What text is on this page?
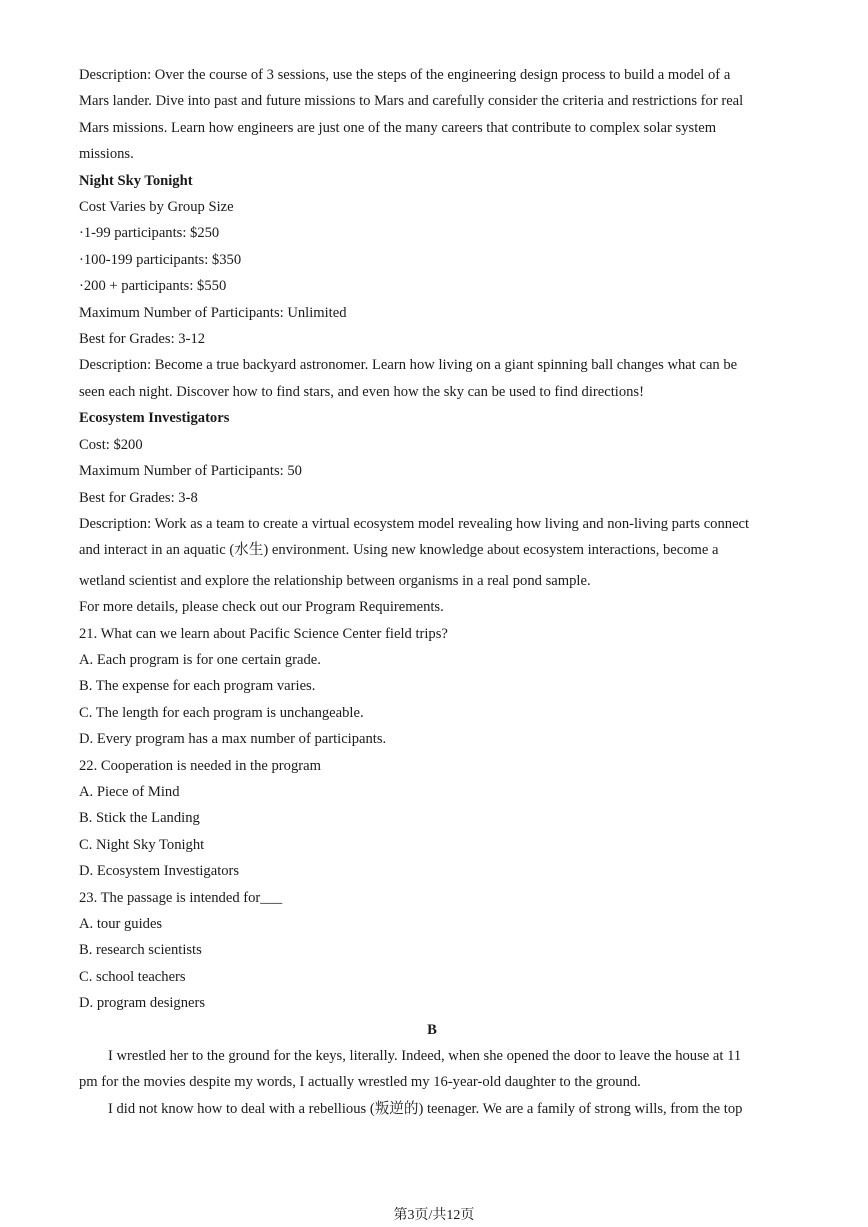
Description: Over the course of 3 sessions, use the steps of the engineering design process to build a model of a

Mars lander. Dive into past and future missions to Mars and carefully consider the criteria and restrictions for real

Mars missions. Learn how engineers are just one of the many careers that contribute to complex solar system

missions.

Night Sky Tonight

Cost Varies by Group Size

·1-99 participants: $250

·100-199 participants: $350

·200 + participants: $550

Maximum Number of Participants: Unlimited

Best for Grades: 3-12

Description: Become a true backyard astronomer. Learn how living on a giant spinning ball changes what can be

seen each night. Discover how to find stars, and even how the sky can be used to find directions!

Ecosystem Investigators

Cost: $200

Maximum Number of Participants: 50

Best for Grades: 3-8

Description: Work as a team to create a virtual ecosystem model revealing how living and non-living parts connect

and interact in an aquatic (水生) environment. Using new knowledge about ecosystem interactions, become a

wetland scientist and explore the relationship between organisms in a real pond sample.

For more details, please check out our Program Requirements.

21. What can we learn about Pacific Science Center field trips?

A. Each program is for one certain grade.

B. The expense for each program varies.

C. The length for each program is unchangeable.

D. Every program has a max number of participants.

22. Cooperation is needed in the program

A. Piece of Mind

B. Stick the Landing

C. Night Sky Tonight

D. Ecosystem Investigators

23. The passage is intended for___

A. tour guides

B. research scientists

C. school teachers

D. program designers

B

I wrestled her to the ground for the keys, literally. Indeed, when she opened the door to leave the house at 11

pm for the movies despite my words, I actually wrestled my 16-year-old daughter to the ground.

I did not know how to deal with a rebellious (叛逆的) teenager. We are a family of strong wills, from the top

第3页/共12页
